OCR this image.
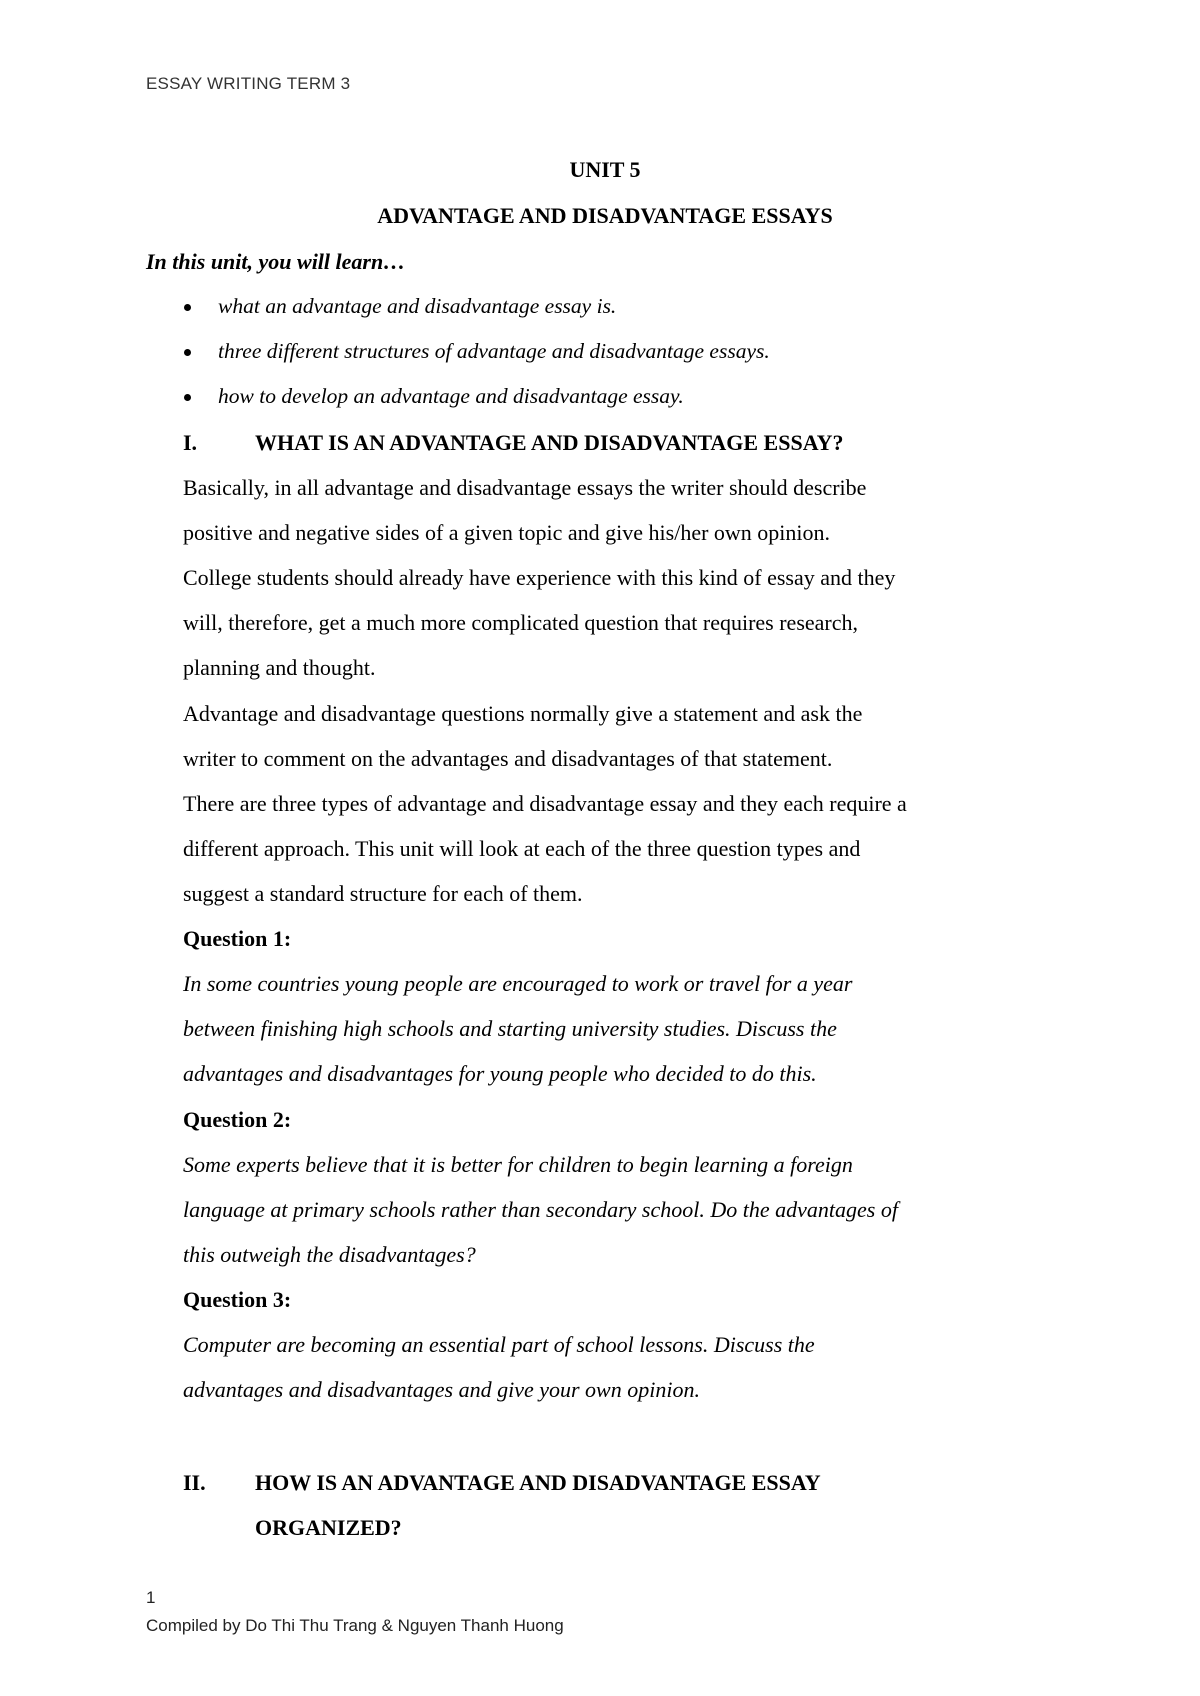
ESSAY WRITING TERM 3
UNIT 5
ADVANTAGE AND DISADVANTAGE ESSAYS
In this unit, you will learn…
what an advantage and disadvantage essay is.
three different structures of advantage and disadvantage essays.
how to develop an advantage and disadvantage essay.
I.	WHAT IS AN ADVANTAGE AND DISADVANTAGE ESSAY?
Basically, in all advantage and disadvantage essays the writer should describe
positive and negative sides of a given topic and give his/her own opinion.
College students should already have experience with this kind of essay and they
will, therefore, get a much more complicated question that requires research,
planning and thought.
Advantage and disadvantage questions normally give a statement and ask the
writer to comment on the advantages and disadvantages of that statement.
There are three types of advantage and disadvantage essay and they each require a
different approach. This unit will look at each of the three question types and
suggest a standard structure for each of them.
Question 1:
In some countries young people are encouraged to work or travel for a year
between finishing high schools and starting university studies. Discuss the
advantages and disadvantages for young people who decided to do this.
Question 2:
Some experts believe that it is better for children to begin learning a foreign
language at primary schools rather than secondary school. Do the advantages of
this outweigh the disadvantages?
Question 3:
Computer are becoming an essential part of school lessons. Discuss the
advantages and disadvantages and give your own opinion.
II. HOW IS AN ADVANTAGE AND DISADVANTAGE ESSAY
ORGANIZED?
1
Compiled by Do Thi Thu Trang & Nguyen Thanh Huong
